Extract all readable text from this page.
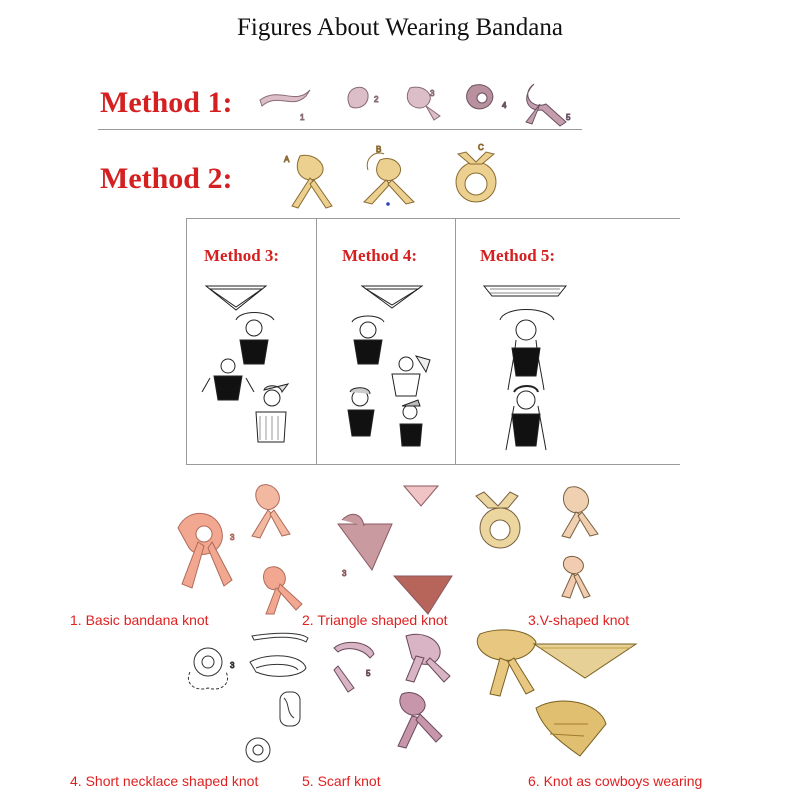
Figures About Wearing Bandana
Method 1:	1
2
3
4
5
Method 2:
A
B	C
Method 3:	Method 4:	Method 5:
3
3
1. Basic bandana knot	2. Triangle shaped knot	3.V-shaped knot
3
5
4. Short necklace shaped knot	5. Scarf knot	6. Knot as cowboys wearing
